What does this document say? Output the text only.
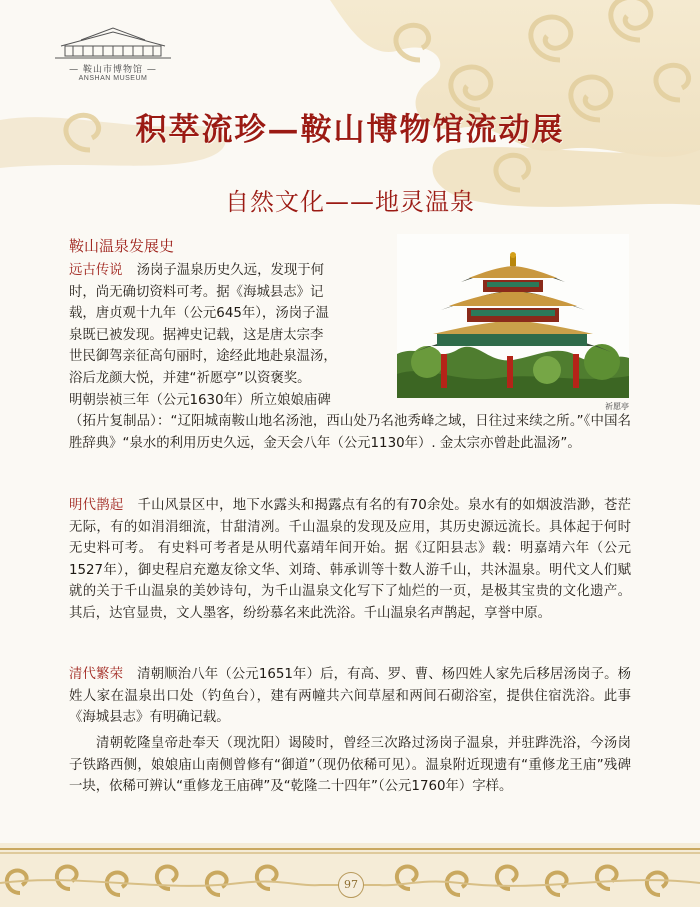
— 鞍山市博物馆 —
ANSHAN MUSEUM
积萃流珍—鞍山博物馆流动展
自然文化——地灵温泉
鞍山温泉发展史
祈愿亭
远古传说 汤岗子温泉历史久远，发现于何
时，尚无确切资料可考。据《海城县志》记
载，唐贞观十九年（公元645年），汤岗子温
泉既已被发现。据裨史记载，这是唐太宗李
世民御驾亲征高句丽时，途经此地赴泉温汤，
浴后龙颜大悦，并建“祈愿亭”以资褒奖。
明朝崇祯三年（公元1630年）所立娘娘庙碑
（拓片复制品）：“辽阳城南鞍山地名汤池，西山处乃名池秀峰之域，日往过来续之所。”《中国名胜辞典》“泉水的利用历史久远，金天会八年（公元1130年）. 金太宗亦曾赴此温汤”。
明代鹊起 千山风景区中，地下水露头和揭露点有名的有70余处。泉水有的如烟波浩渺，苍茫无际，有的如涓涓细流，甘甜清冽。千山温泉的发现及应用，其历史源远流长。具体起于何时无史料可考。 有史料可考者是从明代嘉靖年间开始。据《辽阳县志》载：明嘉靖六年（公元1527年），御史程启充邀友徐文华、刘琦、韩承训等十数人游千山，共沐温泉。明代文人们赋就的关于千山温泉的美妙诗句，为千山温泉文化写下了灿烂的一页，是极其宝贵的文化遗产。其后，达官显贵，文人墨客，纷纷慕名来此洗浴。千山温泉名声鹊起，享誉中原。
清代繁荣 清朝顺治八年（公元1651年）后，有高、罗、曹、杨四姓人家先后移居汤岗子。杨姓人家在温泉出口处（钓鱼台），建有两幢共六间草屋和两间石砌浴室，提供住宿洗浴。此事《海城县志》有明确记载。
清朝乾隆皇帝赴奉天（现沈阳）谒陵时，曾经三次路过汤岗子温泉，并驻跸洗浴，今汤岗子铁路西侧，娘娘庙山南侧曾修有“御道”（现仍依稀可见）。温泉附近现遗有“重修龙王庙”残碑一块，依稀可辨认“重修龙王庙碑”及“乾隆二十四年”（公元1760年）字样。
97
